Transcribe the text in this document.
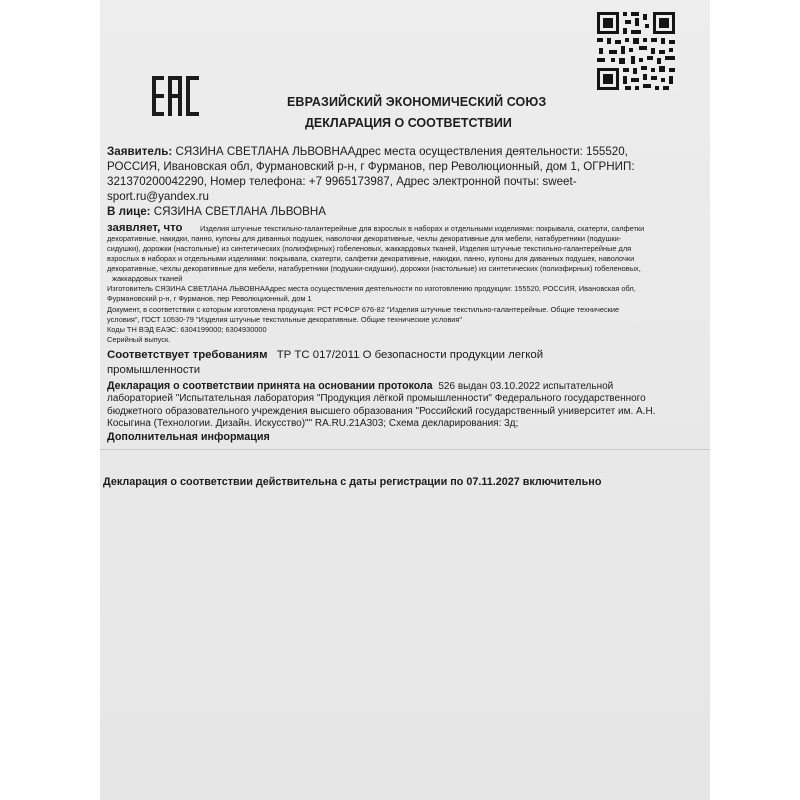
ЕВРАЗИЙСКИЙ ЭКОНОМИЧЕСКИЙ СОЮЗ
ДЕКЛАРАЦИЯ О СООТВЕТСТВИИ
Заявитель: СЯЗИНА СВЕТЛАНА ЛЬВОВНААдрес места осуществления деятельности: 155520,
РОССИЯ, Ивановская обл, Фурмановский р-н, г Фурманов, пер Революционный, дом 1, ОГРНИП:
321370200042290, Номер телефона: +7 9965173987, Адрес электронной почты: sweet-
sport.ru@yandex.ru
В лице: СЯЗИНА СВЕТЛАНА ЛЬВОВНА
заявляет, что Изделия штучные текстильно-галантерейные для взрослых в наборах и отдельными изделиями: покрывала, скатерти, салфетки
декоративные, накидки, панно, купоны для диванных подушек, наволочки декоративные, чехлы декоративные для мебели, натабуретники (подушки-
сидушки), дорожки (настольные) из синтетических (полиэфирных) гобеленовых, жаккардовых тканей, Изделия штучные текстильно-галантерейные для
взрослых в наборах и отдельными изделиями: покрывала, скатерти, салфетки декоративные, накидки, панно, купоны для диванных подушек, наволочки
декоративные, чехлы декоративные для мебели, натабуретники (подушки-сидушки), дорожки (настольные) из синтетических (полиэфирных) гобеленовых,
жаккардовых тканей
Изготовитель СЯЗИНА СВЕТЛАНА ЛЬВОВНААдрес места осуществления деятельности по изготовлению продукции: 155520, РОССИЯ, Ивановская обл,
Фурмановский р-н, г Фурманов, пер Революционный, дом 1
Документ, в соответствии с которым изготовлена продукция: РСТ РСФСР 676-82 "Изделия штучные текстильно-галантерейные. Общие технические
условия", ГОСТ 10530-79 "Изделия штучные текстильные декоративные. Общие технические условия"
Коды ТН ВЭД ЕАЭС: 6304199000; 6304930000
Серийный выпуск.
Соответствует требованиям ТР ТС 017/2011 О безопасности продукции легкой
промышленности
Декларация о соответствии принята на основании протокола 526 выдан 03.10.2022 испытательной
лабораторией "Испытательная лаборатория "Продукция лёгкой промышленности" Федерального государственного
бюджетного образовательного учреждения высшего образования "Российский государственный университет им. А.Н.
Косыгина (Технологии. Дизайн. Искусство)"" RA.RU.21A303; Схема декларирования: 3д;
Дополнительная информация
Декларация о соответствии действительна с даты регистрации по 07.11.2027 включительно
